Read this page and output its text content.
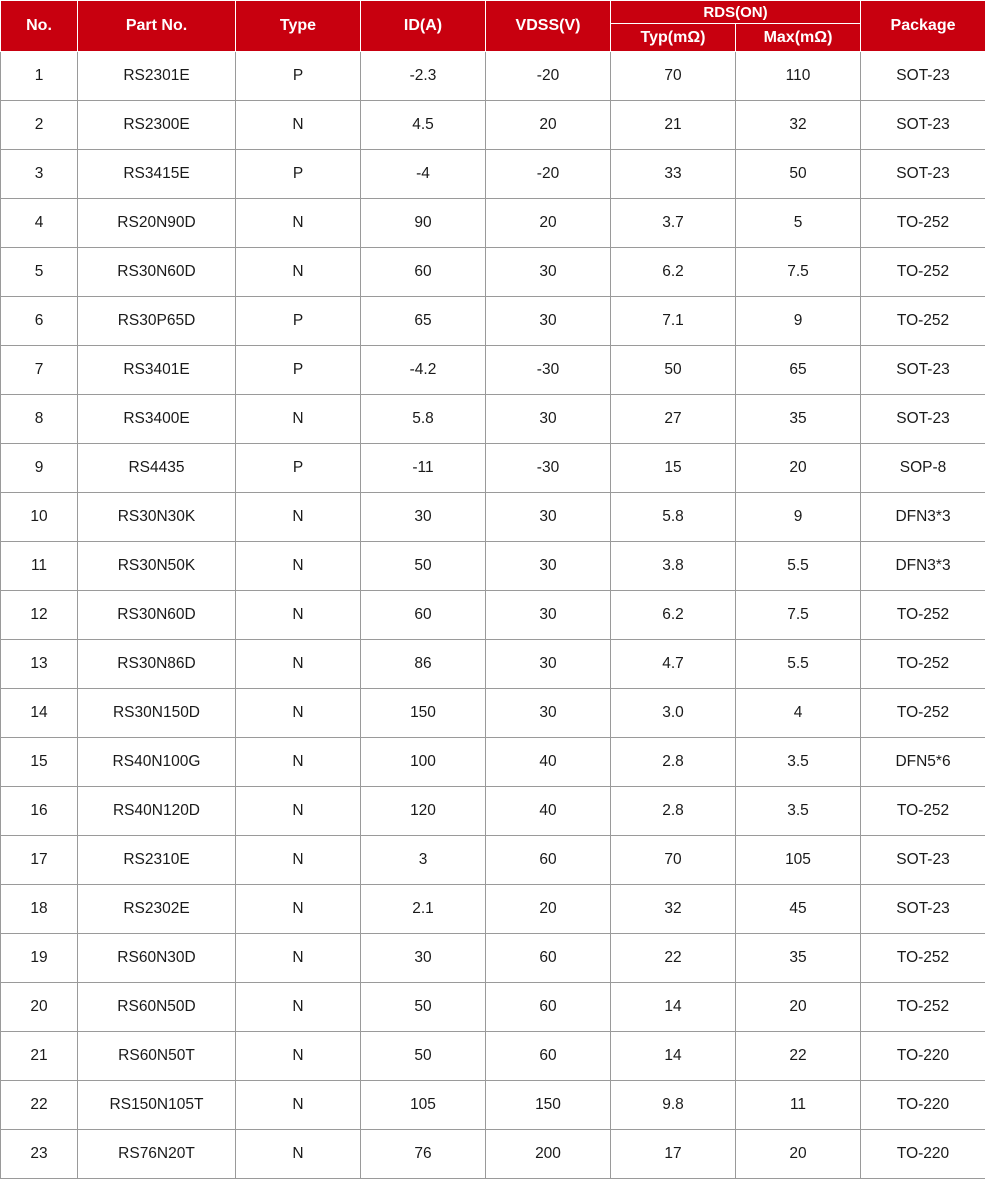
No.	Part No.	Type	ID(A)	VDSS(V)	RDS(ON)		Package
					Typ(mΩ)	Max(mΩ)	
1	RS2301E	P	-2.3	-20	70	110	SOT-23
2	RS2300E	N	4.5	20	21	32	SOT-23
3	RS3415E	P	-4	-20	33	50	SOT-23
4	RS20N90D	N	90	20	3.7	5	TO-252
5	RS30N60D	N	60	30	6.2	7.5	TO-252
6	RS30P65D	P	65	30	7.1	9	TO-252
7	RS3401E	P	-4.2	-30	50	65	SOT-23
8	RS3400E	N	5.8	30	27	35	SOT-23
9	RS4435	P	-11	-30	15	20	SOP-8
10	RS30N30K	N	30	30	5.8	9	DFN3*3
11	RS30N50K	N	50	30	3.8	5.5	DFN3*3
12	RS30N60D	N	60	30	6.2	7.5	TO-252
13	RS30N86D	N	86	30	4.7	5.5	TO-252
14	RS30N150D	N	150	30	3.0	4	TO-252
15	RS40N100G	N	100	40	2.8	3.5	DFN5*6
16	RS40N120D	N	120	40	2.8	3.5	TO-252
17	RS2310E	N	3	60	70	105	SOT-23
18	RS2302E	N	2.1	20	32	45	SOT-23
19	RS60N30D	N	30	60	22	35	TO-252
20	RS60N50D	N	50	60	14	20	TO-252
21	RS60N50T	N	50	60	14	22	TO-220
22	RS150N105T	N	105	150	9.8	11	TO-220
23	RS76N20T	N	76	200	17	20	TO-220
